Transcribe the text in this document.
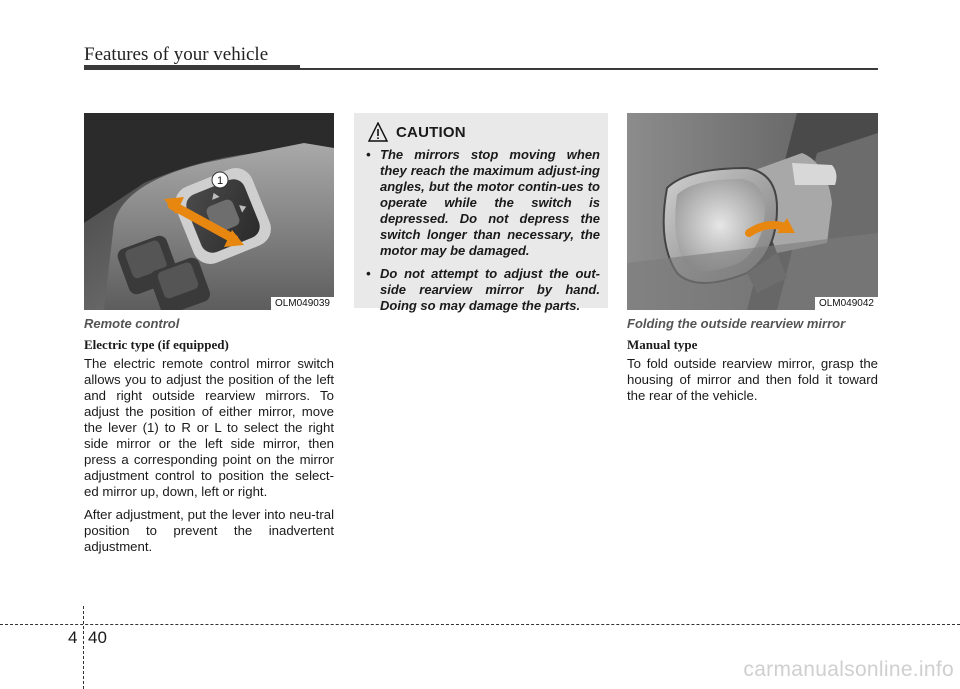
Features of your vehicle
1
OLM049039
CAUTION
• The mirrors stop moving when they reach the maximum adjust-ing angles, but the motor contin-ues to operate while the switch is depressed. Do not depress the switch longer than necessary, the motor may be damaged.
• Do not attempt to adjust the out-side rearview mirror by hand. Doing so may damage the parts.	OLM049042

Remote control

Electric type (if equipped)

The electric remote control mirror switch allows you to adjust the position of the left and right outside rearview mirrors. To adjust the position of either mirror, move the lever (1) to R or L to select the right side mirror or the left side mirror, then press a corresponding point on the mirror adjustment control to position the select-ed mirror up, down, left or right.

After adjustment, put the lever into neu-tral position to prevent the inadvertent adjustment.

Folding the outside rearview mirror

Manual type

To fold outside rearview mirror, grasp the housing of mirror and then fold it toward the rear of the vehicle.

4 40
carmanualsonline.info
